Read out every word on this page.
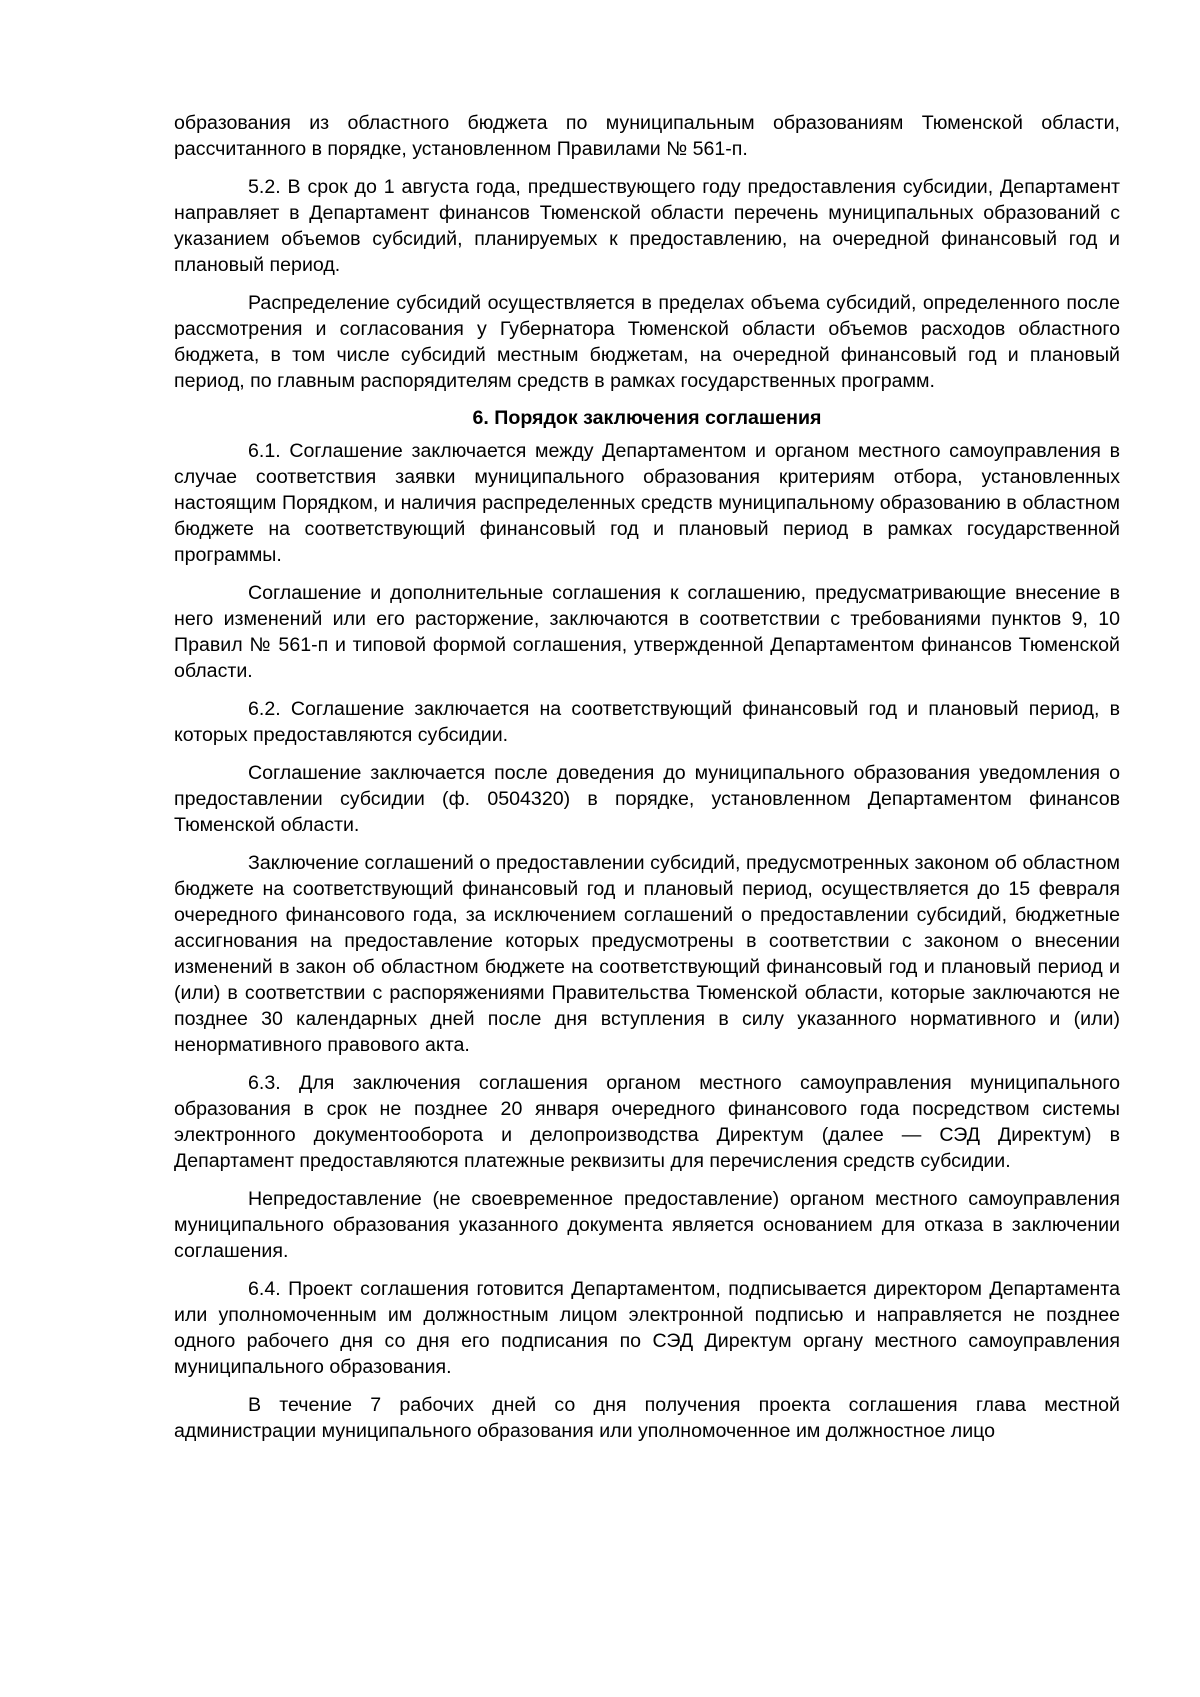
образования из областного бюджета по муниципальным образованиям Тюменской области, рассчитанного в порядке, установленном Правилами № 561-п.

5.2. В срок до 1 августа года, предшествующего году предоставления субсидии, Департамент направляет в Департамент финансов Тюменской области перечень муниципальных образований с указанием объемов субсидий, планируемых к предоставлению, на очередной финансовый год и плановый период.

Распределение субсидий осуществляется в пределах объема субсидий, определенного после рассмотрения и согласования у Губернатора Тюменской области объемов расходов областного бюджета, в том числе субсидий местным бюджетам, на очередной финансовый год и плановый период, по главным распорядителям средств в рамках государственных программ.

6. Порядок заключения соглашения

6.1. Соглашение заключается между Департаментом и органом местного самоуправления в случае соответствия заявки муниципального образования критериям отбора, установленных настоящим Порядком, и наличия распределенных средств муниципальному образованию в областном бюджете на соответствующий финансовый год и плановый период в рамках государственной программы.

Соглашение и дополнительные соглашения к соглашению, предусматривающие внесение в него изменений или его расторжение, заключаются в соответствии с требованиями пунктов 9, 10 Правил № 561-п и типовой формой соглашения, утвержденной Департаментом финансов Тюменской области.

6.2. Соглашение заключается на соответствующий финансовый год и плановый период, в которых предоставляются субсидии.

Соглашение заключается после доведения до муниципального образования уведомления о предоставлении субсидии (ф. 0504320) в порядке, установленном Департаментом финансов Тюменской области.

Заключение соглашений о предоставлении субсидий, предусмотренных законом об областном бюджете на соответствующий финансовый год и плановый период, осуществляется до 15 февраля очередного финансового года, за исключением соглашений о предоставлении субсидий, бюджетные ассигнования на предоставление которых предусмотрены в соответствии с законом о внесении изменений в закон об областном бюджете на соответствующий финансовый год и плановый период и (или) в соответствии с распоряжениями Правительства Тюменской области, которые заключаются не позднее 30 календарных дней после дня вступления в силу указанного нормативного и (или) ненормативного правового акта.

6.3. Для заключения соглашения органом местного самоуправления муниципального образования в срок не позднее 20 января очередного финансового года посредством системы электронного документооборота и делопроизводства Директум (далее — СЭД Директум) в Департамент предоставляются платежные реквизиты для перечисления средств субсидии.

Непредоставление (не своевременное предоставление) органом местного самоуправления муниципального образования указанного документа является основанием для отказа в заключении соглашения.

6.4. Проект соглашения готовится Департаментом, подписывается директором Департамента или уполномоченным им должностным лицом электронной подписью и направляется не позднее одного рабочего дня со дня его подписания по СЭД Директум органу местного самоуправления муниципального образования.

В течение 7 рабочих дней со дня получения проекта соглашения глава местной администрации муниципального образования или уполномоченное им должностное лицо
